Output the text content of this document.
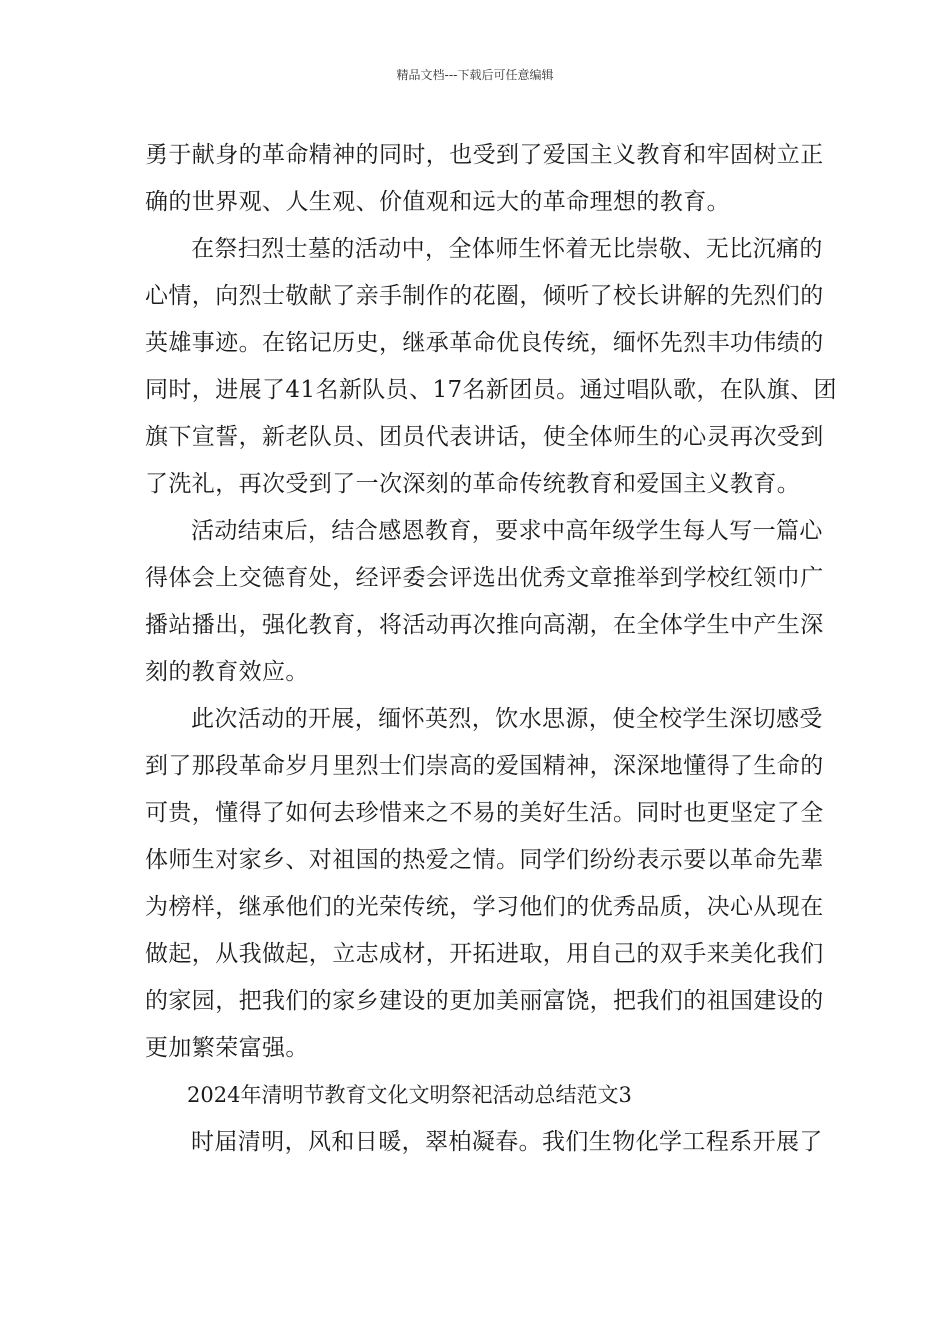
精品文档---下载后可任意编辑
勇于献身的革命精神的同时，也受到了爱国主义教育和牢固树立正
确的世界观、人生观、价值观和远大的革命理想的教育。
在祭扫烈士墓的活动中，全体师生怀着无比崇敬、无比沉痛的
心情，向烈士敬献了亲手制作的花圈，倾听了校长讲解的先烈们的
英雄事迹。在铭记历史，继承革命优良传统，缅怀先烈丰功伟绩的
同时，进展了41名新队员、17名新团员。通过唱队歌，在队旗、团
旗下宣誓，新老队员、团员代表讲话，使全体师生的心灵再次受到
了洗礼，再次受到了一次深刻的革命传统教育和爱国主义教育。
活动结束后，结合感恩教育，要求中高年级学生每人写一篇心
得体会上交德育处，经评委会评选出优秀文章推举到学校红领巾广
播站播出，强化教育，将活动再次推向高潮，在全体学生中产生深
刻的教育效应。
此次活动的开展，缅怀英烈，饮水思源，使全校学生深切感受
到了那段革命岁月里烈士们崇高的爱国精神，深深地懂得了生命的
可贵，懂得了如何去珍惜来之不易的美好生活。同时也更坚定了全
体师生对家乡、对祖国的热爱之情。同学们纷纷表示要以革命先辈
为榜样，继承他们的光荣传统，学习他们的优秀品质，决心从现在
做起，从我做起，立志成材，开拓进取，用自己的双手来美化我们
的家园，把我们的家乡建设的更加美丽富饶，把我们的祖国建设的
更加繁荣富强。
2024年清明节教育文化文明祭祀活动总结范文3
时届清明，风和日暖，翠柏凝春。我们生物化学工程系开展了
